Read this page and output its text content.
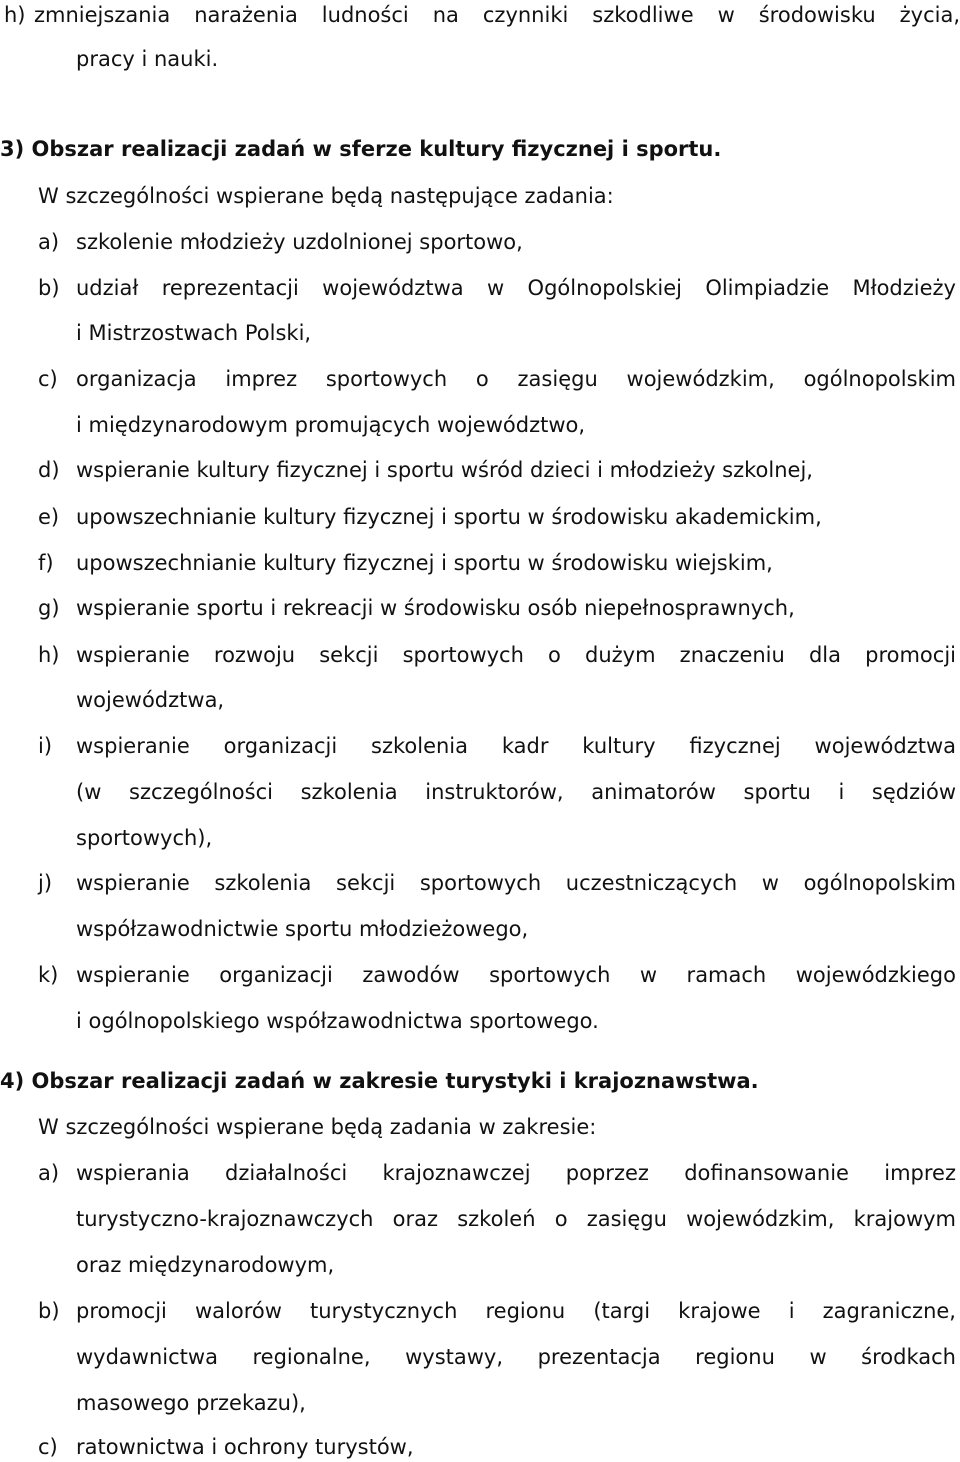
h) zmniejszania narażenia ludności na czynniki szkodliwe w środowisku życia,
pracy i nauki.
3) Obszar realizacji zadań w sferze kultury fizycznej i sportu.
W szczególności wspierane będą następujące zadania:
a) szkolenie młodzieży uzdolnionej sportowo,
b) udział reprezentacji województwa w Ogólnopolskiej Olimpiadzie Młodzieży
i Mistrzostwach Polski,
c) organizacja imprez sportowych o zasięgu wojewódzkim, ogólnopolskim
i międzynarodowym promujących województwo,
d) wspieranie kultury fizycznej i sportu wśród dzieci i młodzieży szkolnej,
e) upowszechnianie kultury fizycznej i sportu w środowisku akademickim,
f) upowszechnianie kultury fizycznej i sportu w środowisku wiejskim,
g) wspieranie sportu i rekreacji w środowisku osób niepełnosprawnych,
h) wspieranie rozwoju sekcji sportowych o dużym znaczeniu dla promocji
województwa,
i) wspieranie organizacji szkolenia kadr kultury fizycznej województwa
(w szczególności szkolenia instruktorów, animatorów sportu i sędziów
sportowych),
j) wspieranie szkolenia sekcji sportowych uczestniczących w ogólnopolskim
współzawodnictwie sportu młodzieżowego,
k) wspieranie organizacji zawodów sportowych w ramach wojewódzkiego
i ogólnopolskiego współzawodnictwa sportowego.
4) Obszar realizacji zadań w zakresie turystyki i krajoznawstwa.
W szczególności wspierane będą zadania w zakresie:
a) wspierania działalności krajoznawczej poprzez dofinansowanie imprez
turystyczno-krajoznawczych oraz szkoleń o zasięgu wojewódzkim, krajowym
oraz międzynarodowym,
b) promocji walorów turystycznych regionu (targi krajowe i zagraniczne,
wydawnictwa regionalne, wystawy, prezentacja regionu w środkach
masowego przekazu),
c) ratownictwa i ochrony turystów,
